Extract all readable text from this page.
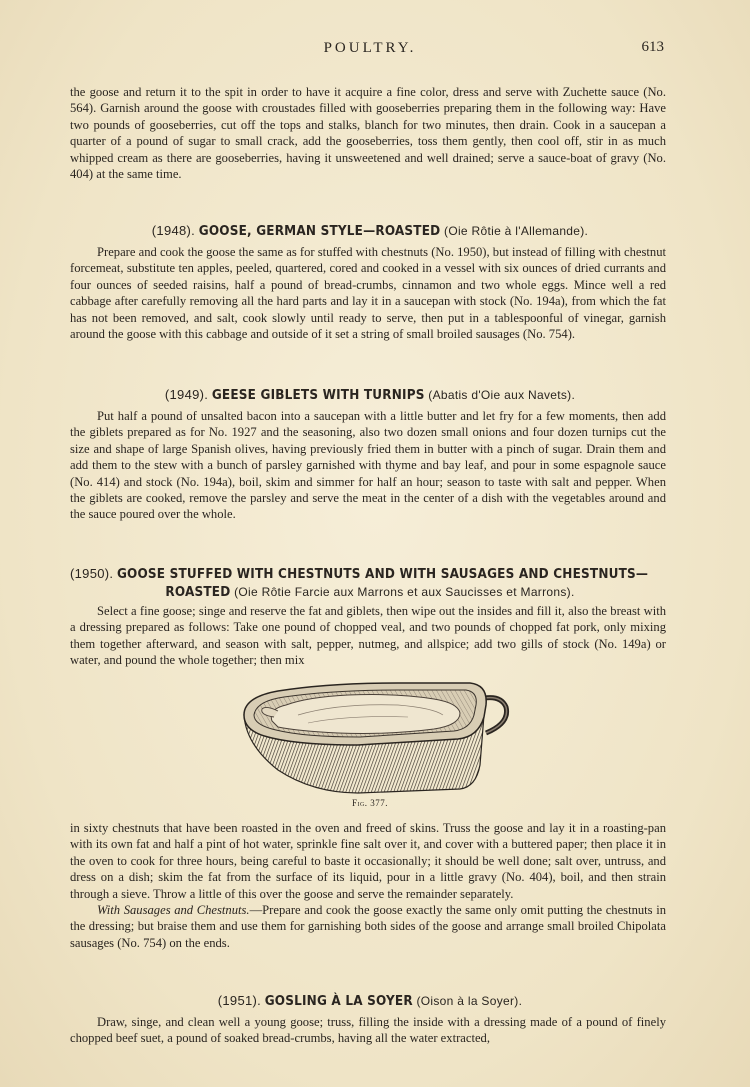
POULTRY.	613

the goose and return it to the spit in order to have it acquire a fine color, dress and serve with Zuchette sauce (No. 564). Garnish around the goose with croustades filled with gooseberries preparing them in the following way: Have two pounds of gooseberries, cut off the tops and stalks, blanch for two minutes, then drain. Cook in a saucepan a quarter of a pound of sugar to small crack, add the gooseberries, toss them gently, then cool off, stir in as much whipped cream as there are gooseberries, having it unsweetened and well drained; serve a sauce-boat of gravy (No. 404) at the same time.

(1948). GOOSE, GERMAN STYLE—ROASTED (Oie Rôtie à l'Allemande).

Prepare and cook the goose the same as for stuffed with chestnuts (No. 1950), but instead of filling with chestnut forcemeat, substitute ten apples, peeled, quartered, cored and cooked in a vessel with six ounces of dried currants and four ounces of seeded raisins, half a pound of bread-crumbs, cinnamon and two whole eggs. Mince well a red cabbage after carefully removing all the hard parts and lay it in a saucepan with stock (No. 194a), from which the fat has not been removed, and salt, cook slowly until ready to serve, then put in a tablespoonful of vinegar, garnish around the goose with this cabbage and outside of it set a string of small broiled sausages (No. 754).

(1949). GEESE GIBLETS WITH TURNIPS (Abatis d'Oie aux Navets).

Put half a pound of unsalted bacon into a saucepan with a little butter and let fry for a few moments, then add the giblets prepared as for No. 1927 and the seasoning, also two dozen small onions and four dozen turnips cut the size and shape of large Spanish olives, having previously fried them in butter with a pinch of sugar. Drain them and add them to the stew with a bunch of parsley garnished with thyme and bay leaf, and pour in some espagnole sauce (No. 414) and stock (No. 194a), boil, skim and simmer for half an hour; season to taste with salt and pepper. When the giblets are cooked, remove the parsley and serve the meat in the center of a dish with the vegetables around and the sauce poured over the whole.

(1950). GOOSE STUFFED WITH CHESTNUTS AND WITH SAUSAGES AND CHESTNUTS—
ROASTED (Oie Rôtie Farcie aux Marrons et aux Saucisses et Marrons).

Select a fine goose; singe and reserve the fat and giblets, then wipe out the insides and fill it, also the breast with a dressing prepared as follows: Take one pound of chopped veal, and two pounds of chopped fat pork, only mixing them together afterward, and season with salt, pepper, nutmeg, and allspice; add two gills of stock (No. 149a) or water, and pound the whole together; then mix

Fig. 377.

in sixty chestnuts that have been roasted in the oven and freed of skins. Truss the goose and lay it in a roasting-pan with its own fat and half a pint of hot water, sprinkle fine salt over it, and cover with a buttered paper; then place it in the oven to cook for three hours, being careful to baste it occasionally; it should be well done; salt over, untruss, and dress on a dish; skim the fat from the surface of its liquid, pour in a little gravy (No. 404), boil, and then strain through a sieve. Throw a little of this over the goose and serve the remainder separately.

With Sausages and Chestnuts.—Prepare and cook the goose exactly the same only omit putting the chestnuts in the dressing; but braise them and use them for garnishing both sides of the goose and arrange small broiled Chipolata sausages (No. 754) on the ends.

(1951). GOSLING À LA SOYER (Oison à la Soyer).

Draw, singe, and clean well a young goose; truss, filling the inside with a dressing made of a pound of finely chopped beef suet, a pound of soaked bread-crumbs, having all the water extracted,
